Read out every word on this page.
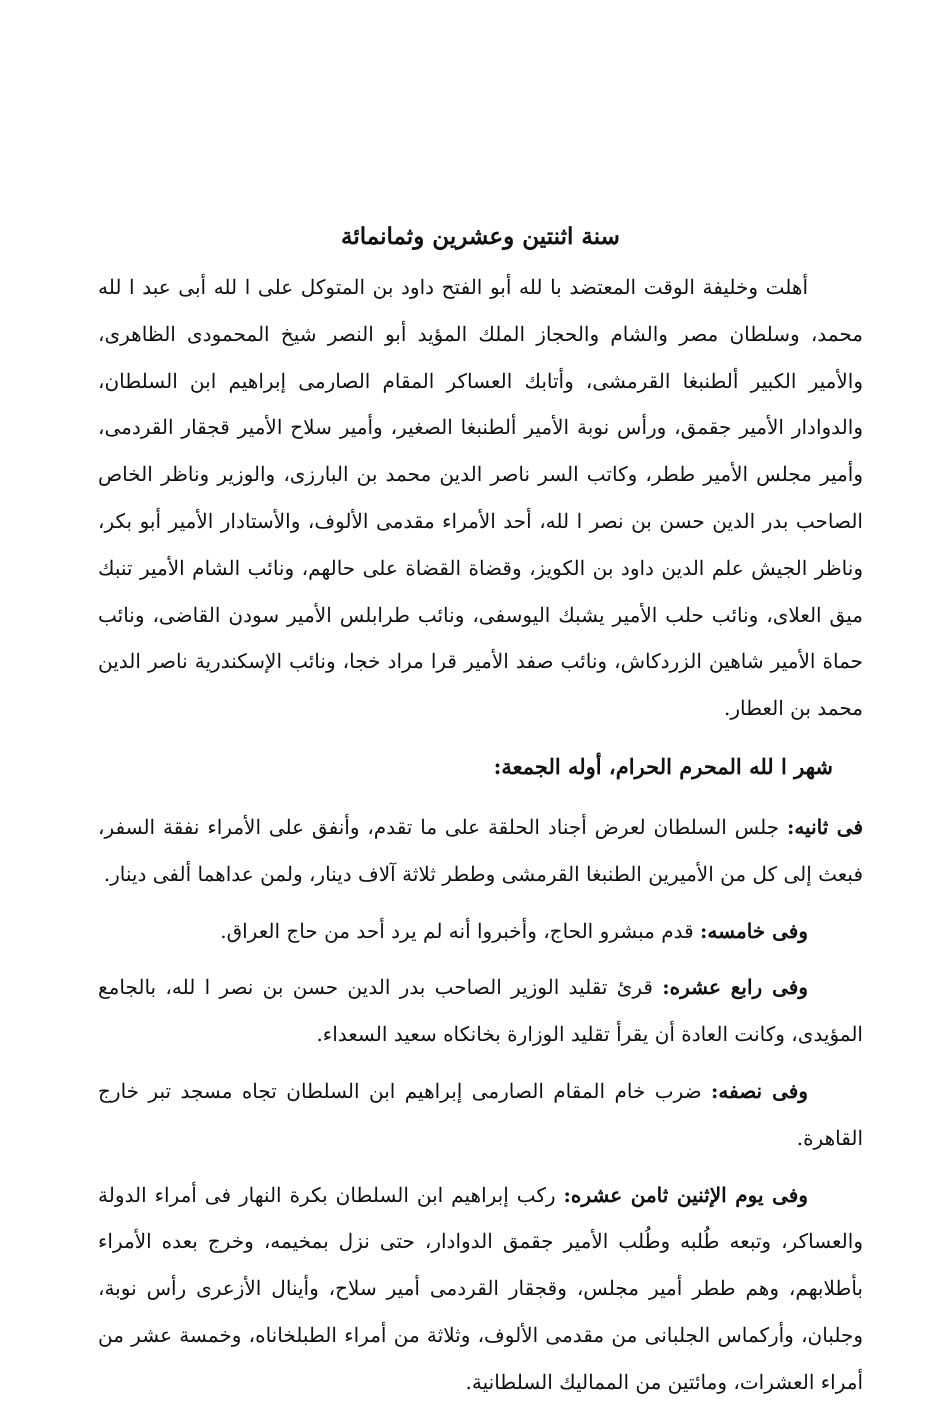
سنة اثنتين وعشرين وثمانمائة

أهلت وخليفة الوقت المعتضد با لله أبو الفتح داود بن المتوكل على ا لله أبى عبد ا لله محمد، وسلطان مصر والشام والحجاز الملك المؤيد أبو النصر شيخ المحمودى الظاهرى، والأمير الكبير ألطنبغا القرمشى، وأتابك العساكر المقام الصارمى إبراهيم ابن السلطان، والدوادار الأمير جقمق، ورأس نوبة الأمير ألطنبغا الصغير، وأمير سلاح الأمير قجقار القردمى، وأمير مجلس الأمير ططر، وكاتب السر ناصر الدين محمد بن البارزى، والوزير وناظر الخاص الصاحب بدر الدين حسن بن نصر ا لله، أحد الأمراء مقدمى الألوف، والأستادار الأمير أبو بكر، وناظر الجيش علم الدين داود بن الكويز، وقضاة القضاة على حالهم، ونائب الشام الأمير تنبك ميق العلاى، ونائب حلب الأمير يشبك اليوسفى، ونائب طرابلس الأمير سودن القاضى، ونائب حماة الأمير شاهين الزردكاش، ونائب صفد الأمير قرا مراد خجا، ونائب الإسكندرية ناصر الدين محمد بن العطار.

شهر ا لله المحرم الحرام، أوله الجمعة:

فى ثانيه: جلس السلطان لعرض أجناد الحلقة على ما تقدم، وأنفق على الأمراء نفقة السفر، فبعث إلى كل من الأميرين الطنبغا القرمشى وططر ثلاثة آلاف دينار، ولمن عداهما ألفى دينار.

وفى خامسه: قدم مبشرو الحاج، وأخبروا أنه لم يرد أحد من حاج العراق.

وفى رابع عشره: قرئ تقليد الوزير الصاحب بدر الدين حسن بن نصر ا لله، بالجامع المؤيدى، وكانت العادة أن يقرأ تقليد الوزارة بخانكاه سعيد السعداء.

وفى نصفه: ضرب خام المقام الصارمى إبراهيم ابن السلطان تجاه مسجد تبر خارج القاهرة.

وفى يوم الإثنين ثامن عشره: ركب إبراهيم ابن السلطان بكرة النهار فى أمراء الدولة والعساكر، وتبعه طُلبه وطُلب الأمير جقمق الدوادار، حتى نزل بمخيمه، وخرج بعده الأمراء بأطلابهم، وهم ططر أمير مجلس، وقجقار القردمى أمير سلاح، وأينال الأزعرى رأس نوبة، وجلبان، وأركماس الجلبانى من مقدمى الألوف، وثلاثة من أمراء الطبلخاناه، وخمسة عشر من أمراء العشرات، ومائتين من المماليك السلطانية.
